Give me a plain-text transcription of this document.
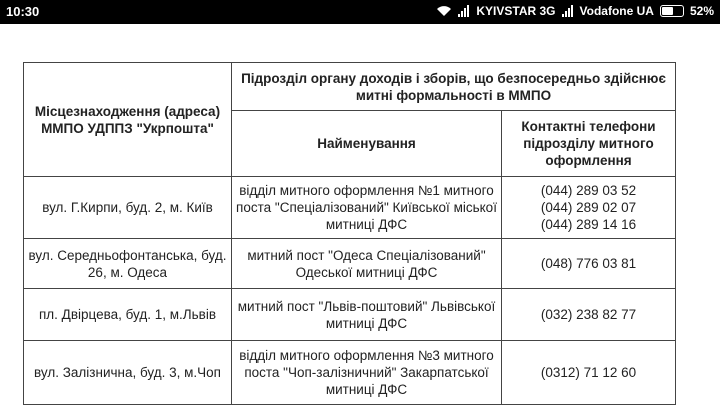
10:30	KYIVSTAR 3G Vodafone UA	52%
Місцезнаходження (адреса) ММПО УДППЗ "Укрпошта"	Підрозділ органу доходів і зборів, що безпосередньо здійснює митні формальності в ММПО	
	Найменування	Контактні телефони підрозділу митного оформлення
вул. Г.Кирпи, буд. 2, м. Київ	відділ митного оформлення №1 митного поста "Спеціалізований" Київської міської митниці ДФС	(044) 289 03 52
(044) 289 02 07
(044) 289 14 16

вул. Середньофонтанська, буд. 26, м. Одеса	митний пост "Одеса Спеціалізований" Одеської митниці ДФС	(048) 776 03 81

пл. Двірцева, буд. 1, м.Львів	митний пост "Львів-поштовий" Львівської митниці ДФС	(032) 238 82 77

вул. Залізнична, буд. 3, м.Чоп	відділ митного оформлення №3 митного поста "Чоп-залізничний" Закарпатської митниці ДФС	(0312) 71 12 60
